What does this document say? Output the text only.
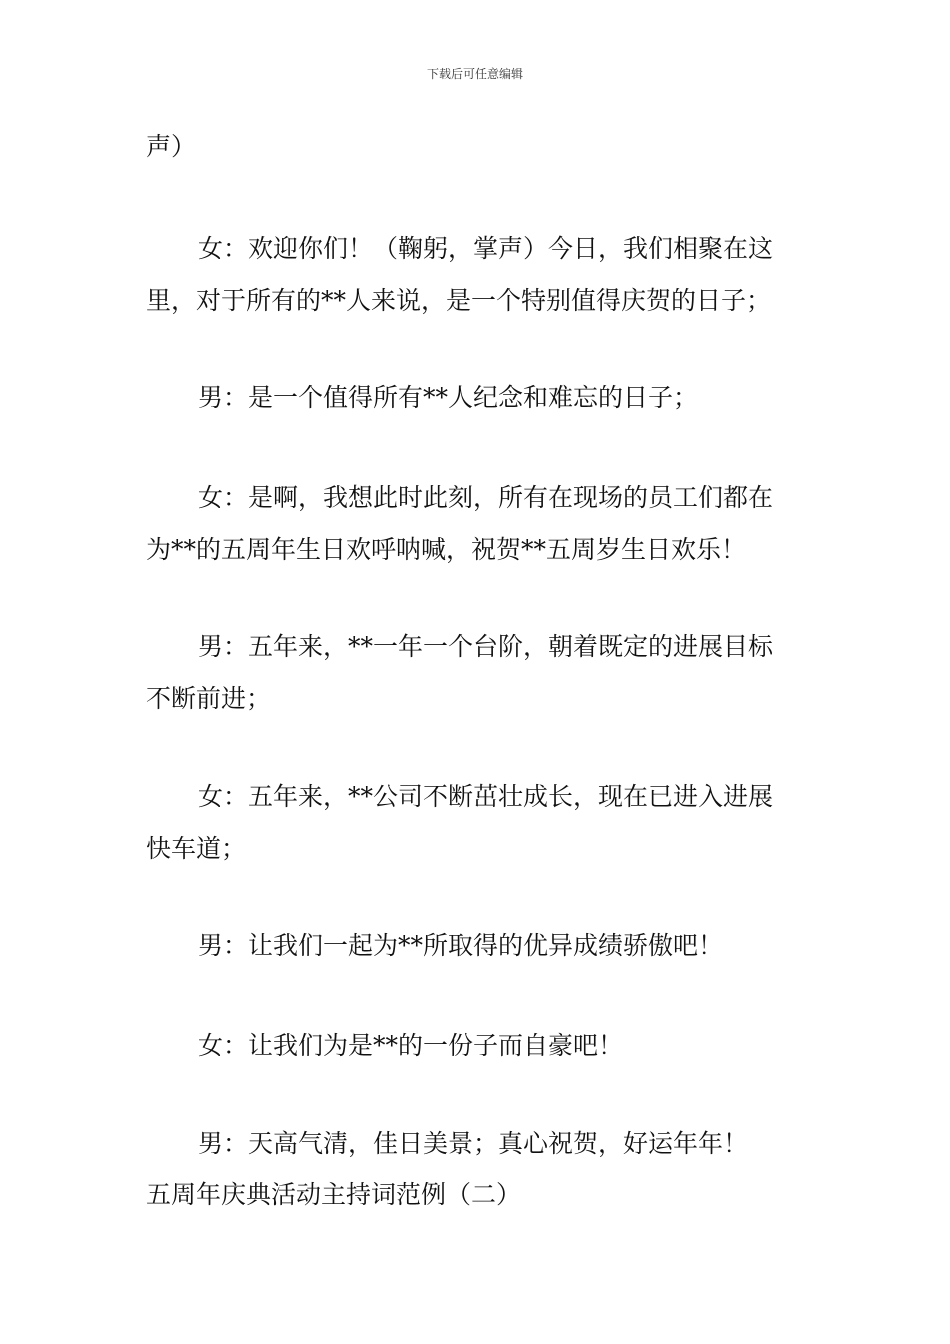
下载后可任意编辑
声）
女：欢迎你们！（鞠躬，掌声）今日，我们相聚在这
里，对于所有的**人来说，是一个特别值得庆贺的日子；
男：是一个值得所有**人纪念和难忘的日子；
女：是啊，我想此时此刻，所有在现场的员工们都在
为**的五周年生日欢呼呐喊，祝贺**五周岁生日欢乐！
男：五年来，**一年一个台阶，朝着既定的进展目标
不断前进；
女：五年来，**公司不断茁壮成长，现在已进入进展
快车道；
男：让我们一起为**所取得的优异成绩骄傲吧！
女：让我们为是**的一份子而自豪吧！
男：天高气清，佳日美景；真心祝贺，好运年年！
五周年庆典活动主持词范例（二）
